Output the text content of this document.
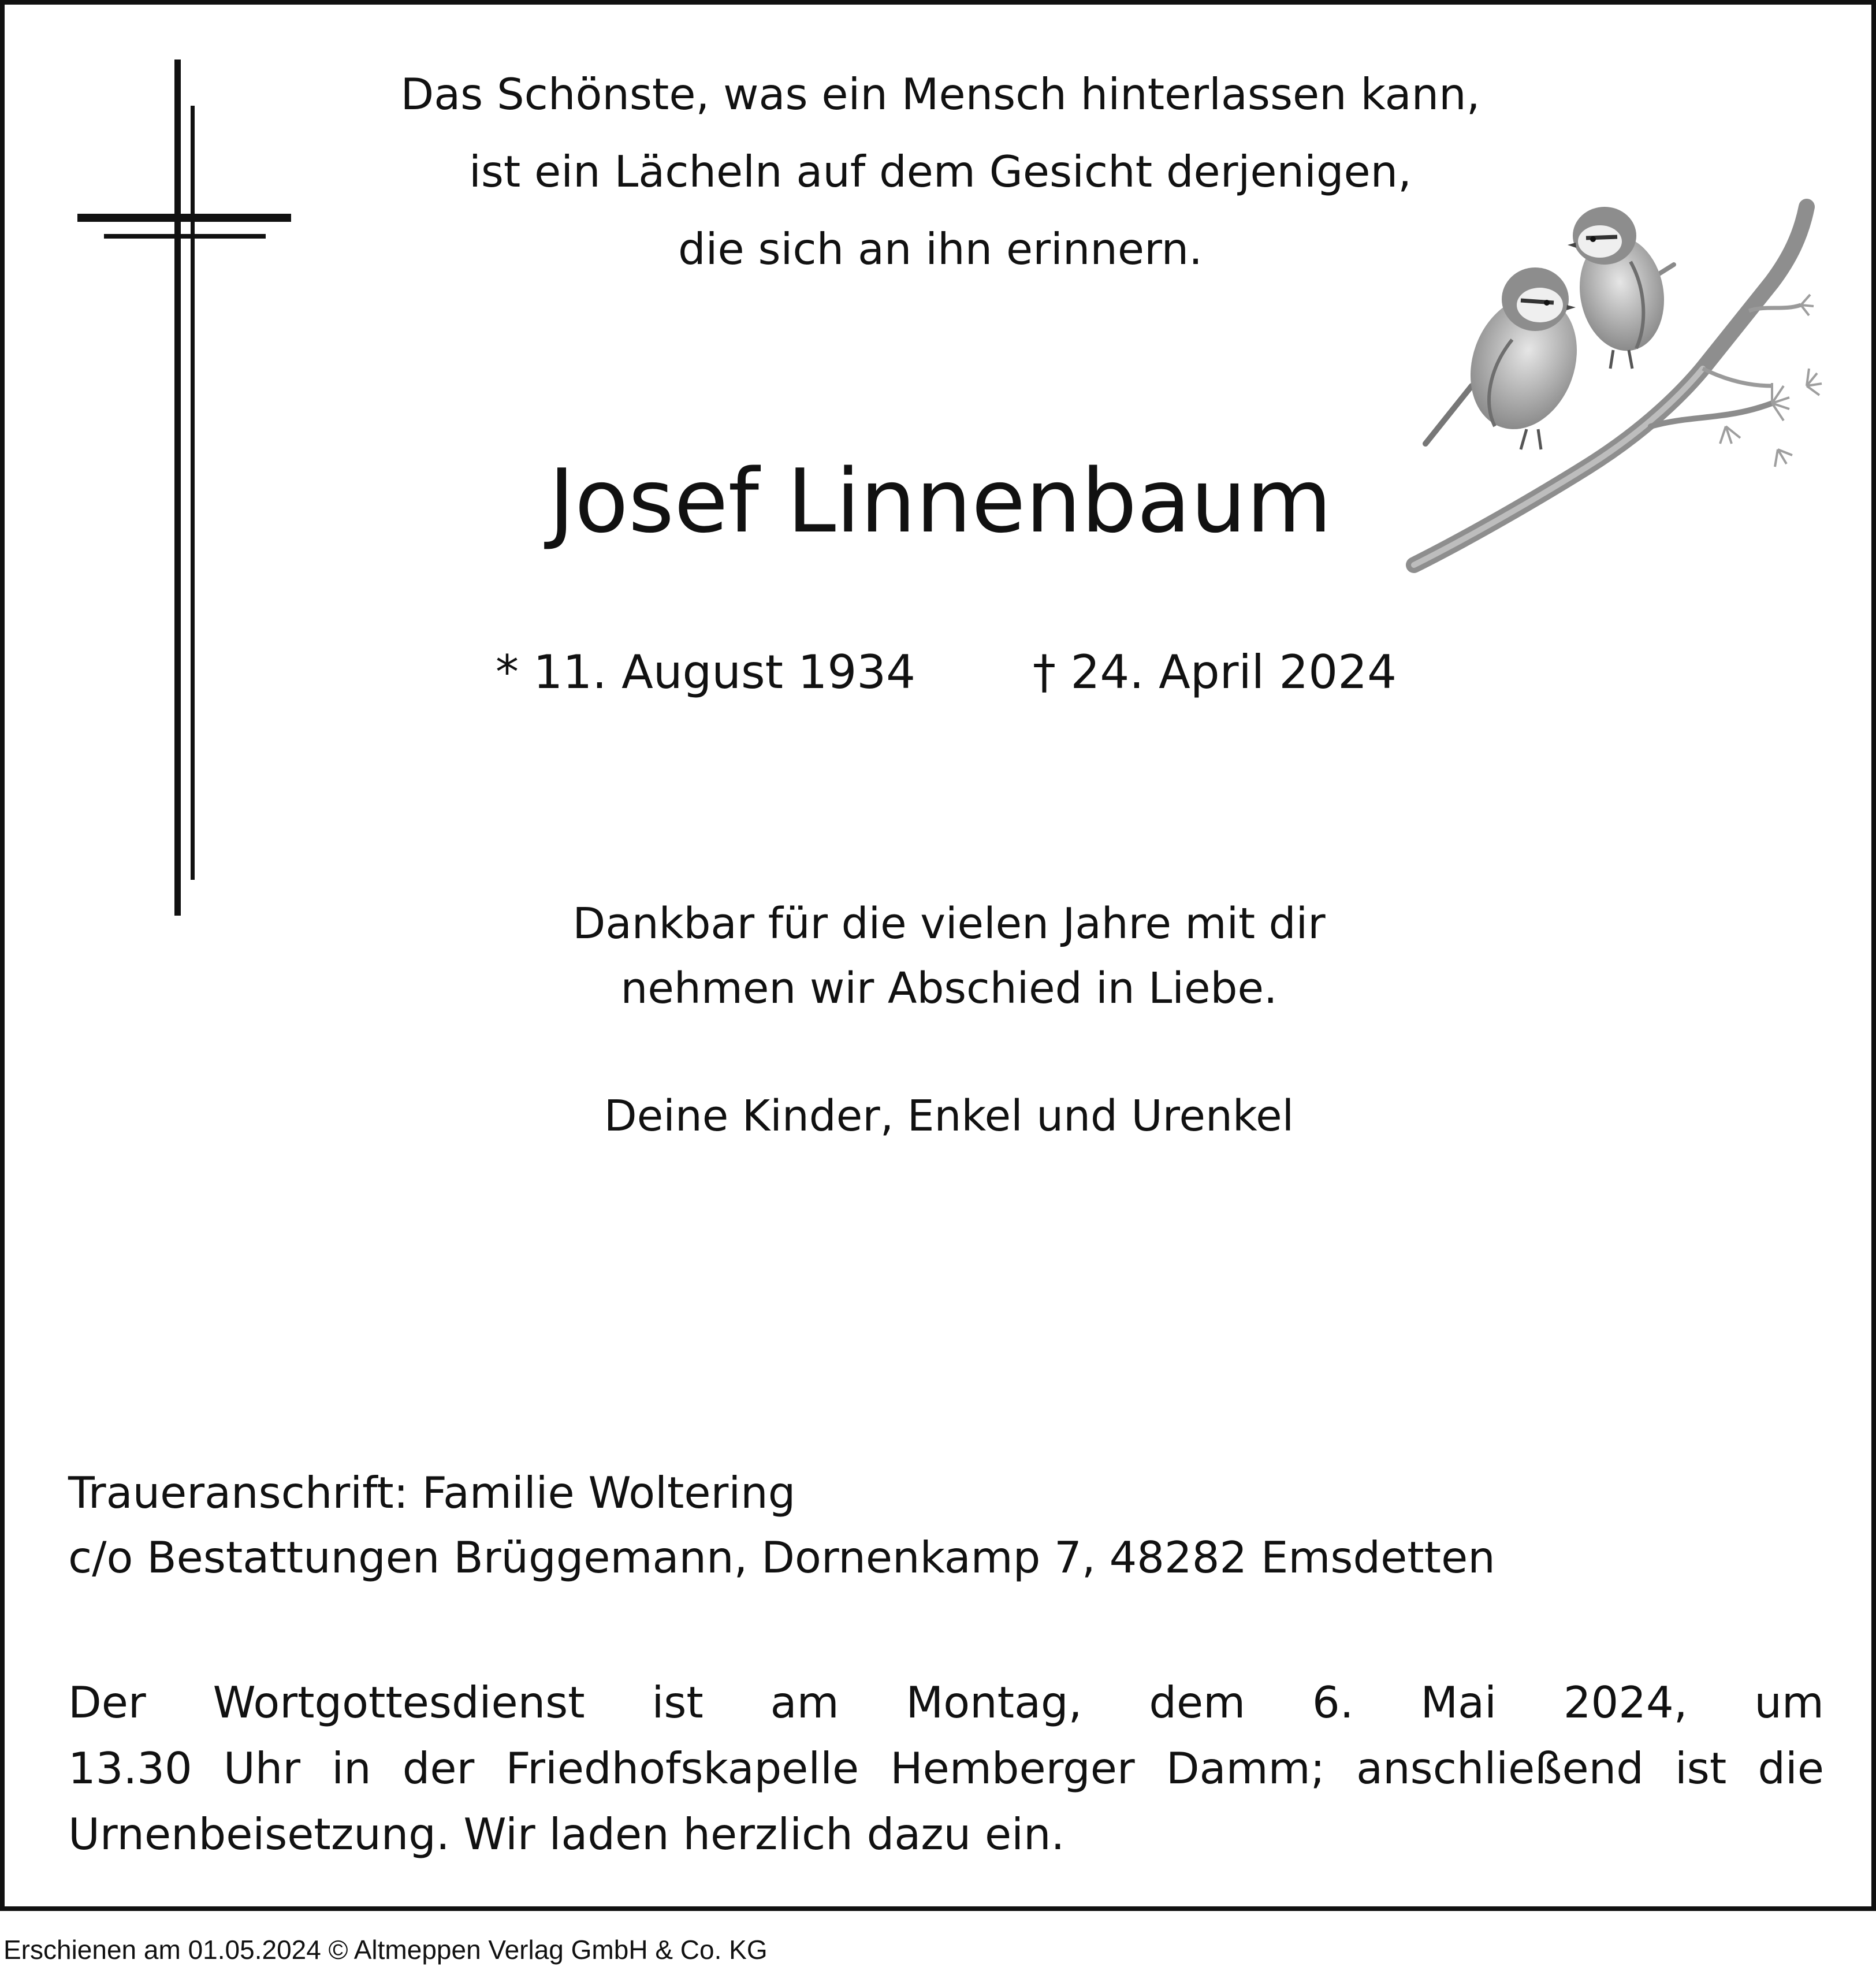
Das Schönste, was ein Mensch hinterlassen kann,
ist ein Lächeln auf dem Gesicht derjenigen,
die sich an ihn erinnern.
Josef Linnenbaum
* 11. August 1934	† 24. April 2024
Dankbar für die vielen Jahre mit dir
nehmen wir Abschied in Liebe.
Deine Kinder, Enkel und Urenkel
Traueranschrift: Familie Woltering
c/o Bestattungen Brüggemann, Dornenkamp 7, 48282 Emsdetten
Der Wortgottesdienst ist am Montag, dem 6. Mai 2024, um
13.30 Uhr in der Friedhofskapelle Hemberger Damm; anschließend ist die
Urnenbeisetzung. Wir laden herzlich dazu ein.
Erschienen am 01.05.2024 © Altmeppen Verlag GmbH & Co. KG
